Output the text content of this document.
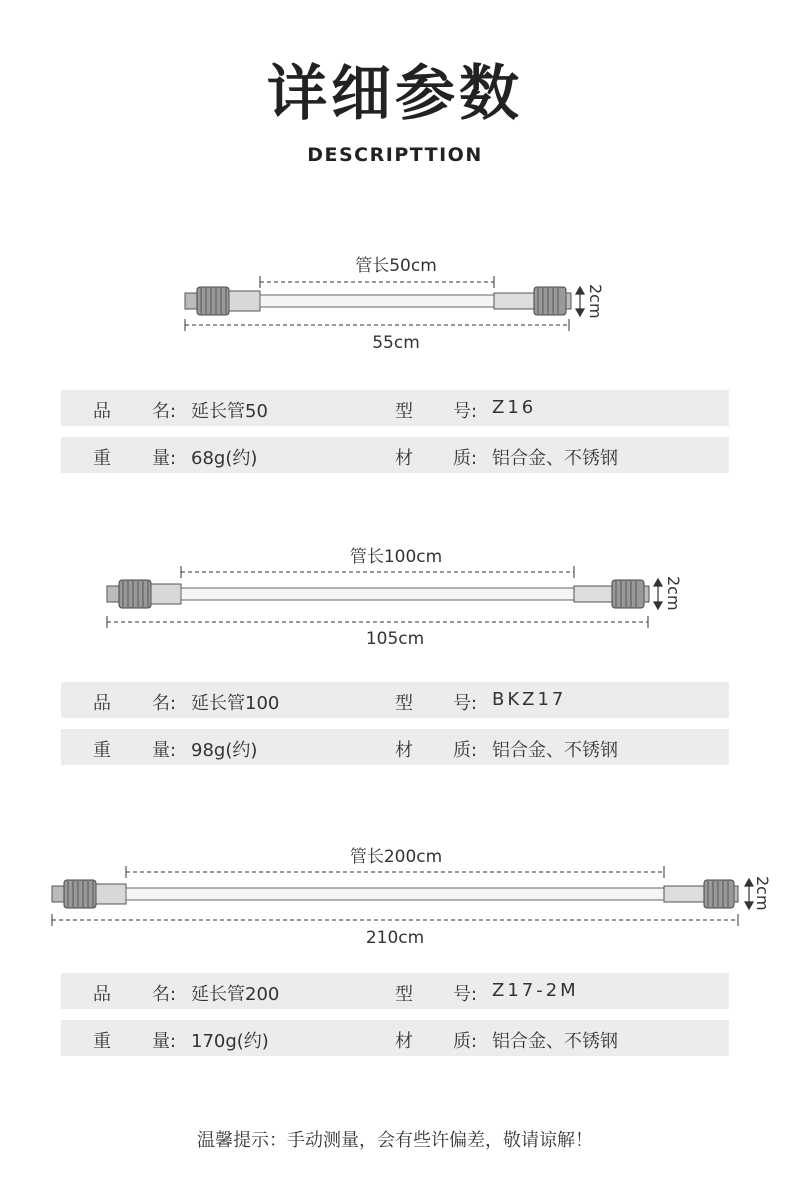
详细参数
DESCRIPTTION
管长50cm
55cm
2cm
品 名: 延长管50	型 号: Z16
重 量: 68g(约)	材 质: 铝合金、不锈钢
管长100cm
105cm
2cm
品 名: 延长管100	型 号: BKZ17
重 量: 98g(约)	材 质: 铝合金、不锈钢
管长200cm
210cm
2cm
品 名: 延长管200	型 号: Z17-2M
重 量: 170g(约)	材 质: 铝合金、不锈钢
温馨提示：手动测量，会有些许偏差，敬请谅解！
